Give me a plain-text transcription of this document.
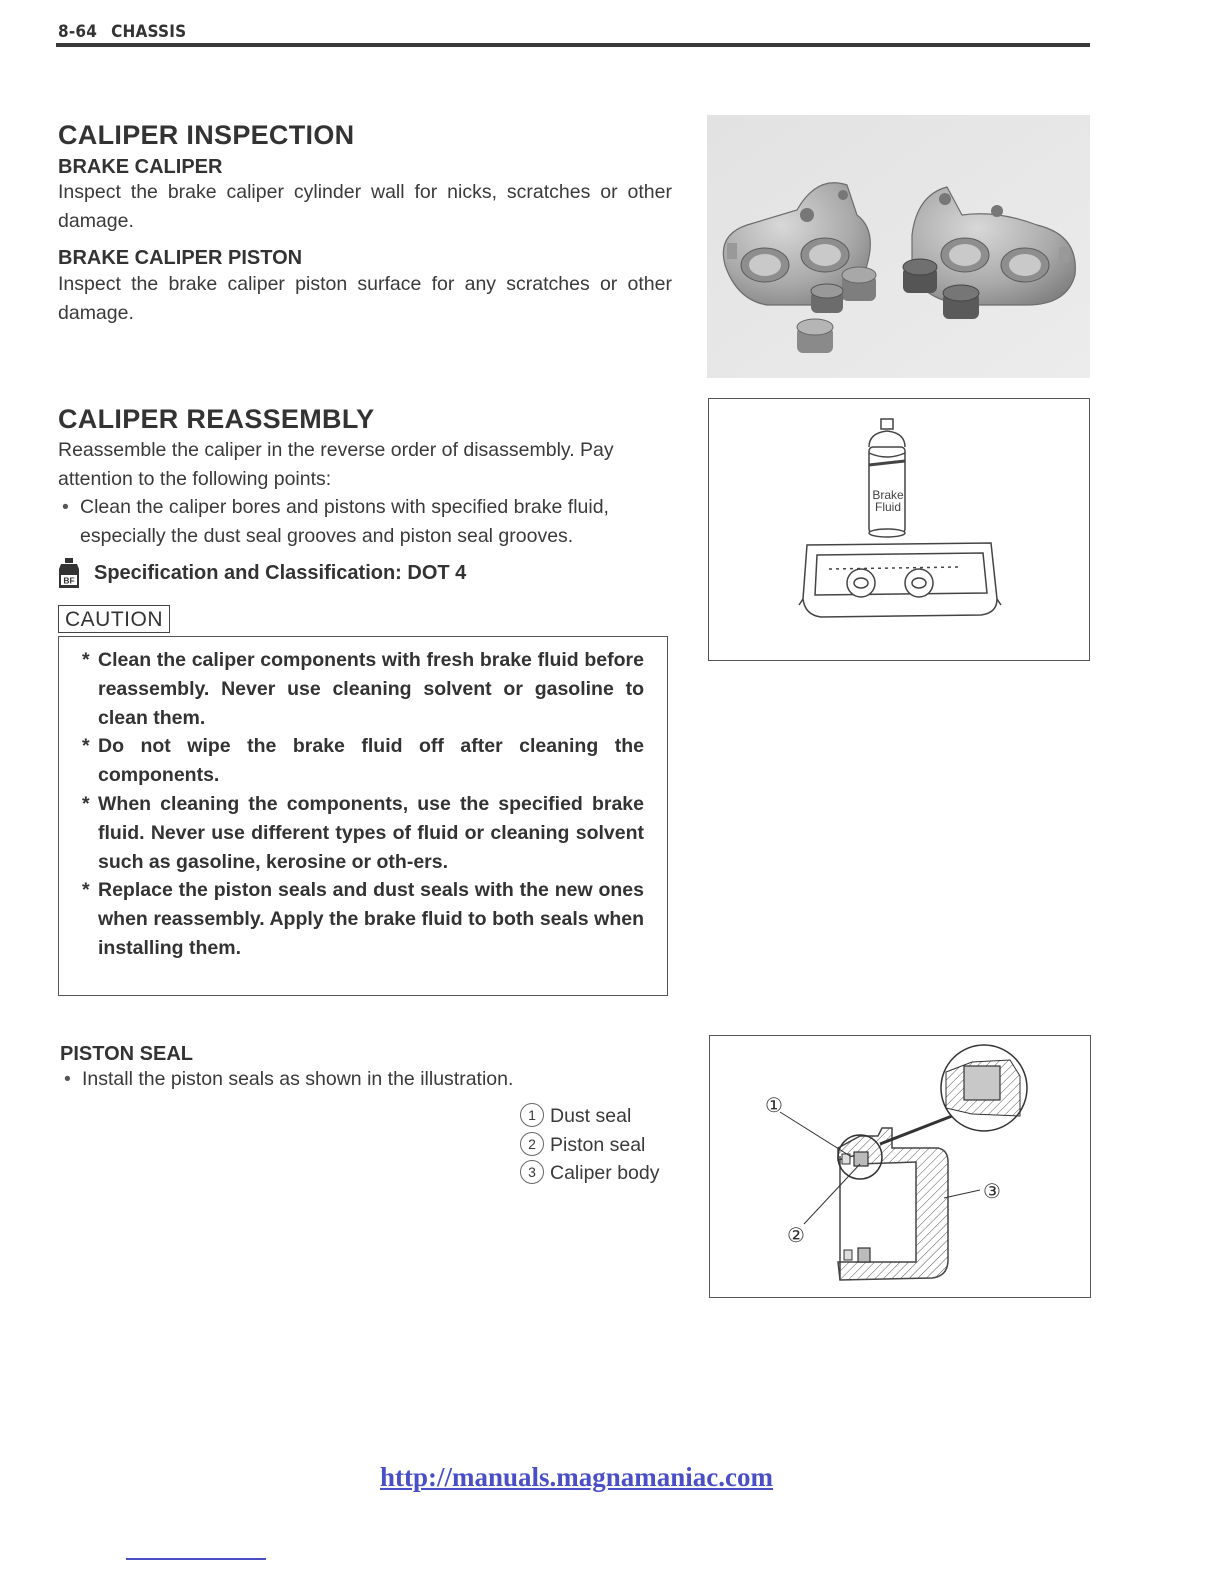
8-64 CHASSIS
CALIPER INSPECTION
BRAKE CALIPER

Inspect the brake caliper cylinder wall for nicks, scratches or other damage.

BRAKE CALIPER PISTON

Inspect the brake caliper piston surface for any scratches or other damage.

CALIPER REASSEMBLY

Reassemble the caliper in the reverse order of disassembly. Pay attention to the following points:

• Clean the caliper bores and pistons with specified brake fluid, especially the dust seal grooves and piston seal grooves.
BF Specification and Classification: DOT 4
CAUTION
* Clean the caliper components with fresh brake fluid before reassembly. Never use cleaning solvent or gasoline to clean them.
* Do not wipe the brake fluid off after cleaning the components.
* When cleaning the components, use the specified brake fluid. Never use different types of fluid or cleaning solvent such as gasoline, kerosine or oth-ers.
* Replace the piston seals and dust seals with the new ones when reassembly. Apply the brake fluid to both seals when installing them.
Brake
Fluid
PISTON SEAL
• Install the piston seals as shown in the illustration.
1 Dust seal
2 Piston seal
3 Caliper body
①
②
③
http://manuals.magnamaniac.com
